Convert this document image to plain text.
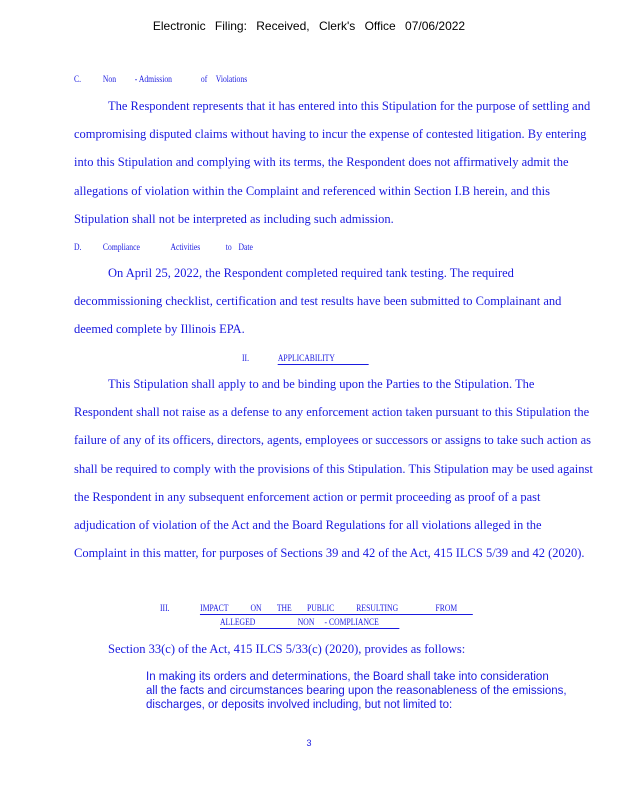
Electronic Filing: Received, Clerk's Office 07/06/2022
C. Non - Admission	of Violations

The Respondent represents that it has entered into this Stipulation for the purpose of settling and compromising disputed claims without having to incur the expense of contested litigation. By entering into this Stipulation and complying with its terms, the Respondent does not affirmatively admit the allegations of violation within the Complaint and referenced within Section I.B herein, and this Stipulation shall not be interpreted as including such admission.

D. Compliance	Activities	to Date

On April 25, 2022, the Respondent completed required tank testing. The required decommissioning checklist, certification and test results have been submitted to Complainant and deemed complete by Illinois EPA.

II.	APPLICABILITY

This Stipulation shall apply to and be binding upon the Parties to the Stipulation. The Respondent shall not raise as a defense to any enforcement action taken pursuant to this Stipulation the failure of any of its officers, directors, agents, employees or successors or assigns to take such action as shall be required to comply with the provisions of this Stipulation. This Stipulation may be used against the Respondent in any subsequent enforcement action or permit proceeding as proof of a past adjudication of violation of the Act and the Board Regulations for all violations alleged in the Complaint in this matter, for purposes of Sections 39 and 42 of the Act, 415 ILCS 5/39 and 42 (2020).

III.	IMPACT ON THE PUBLIC RESULTING	FROM
ALLEGED	NON - COMPLIANCE

Section 33(c) of the Act, 415 ILCS 5/33(c) (2020), provides as follows:

In making its orders and determinations, the Board shall take into consideration

all the facts and circumstances bearing upon the reasonableness of the emissions,

discharges, or deposits involved including, but not limited to:

3
